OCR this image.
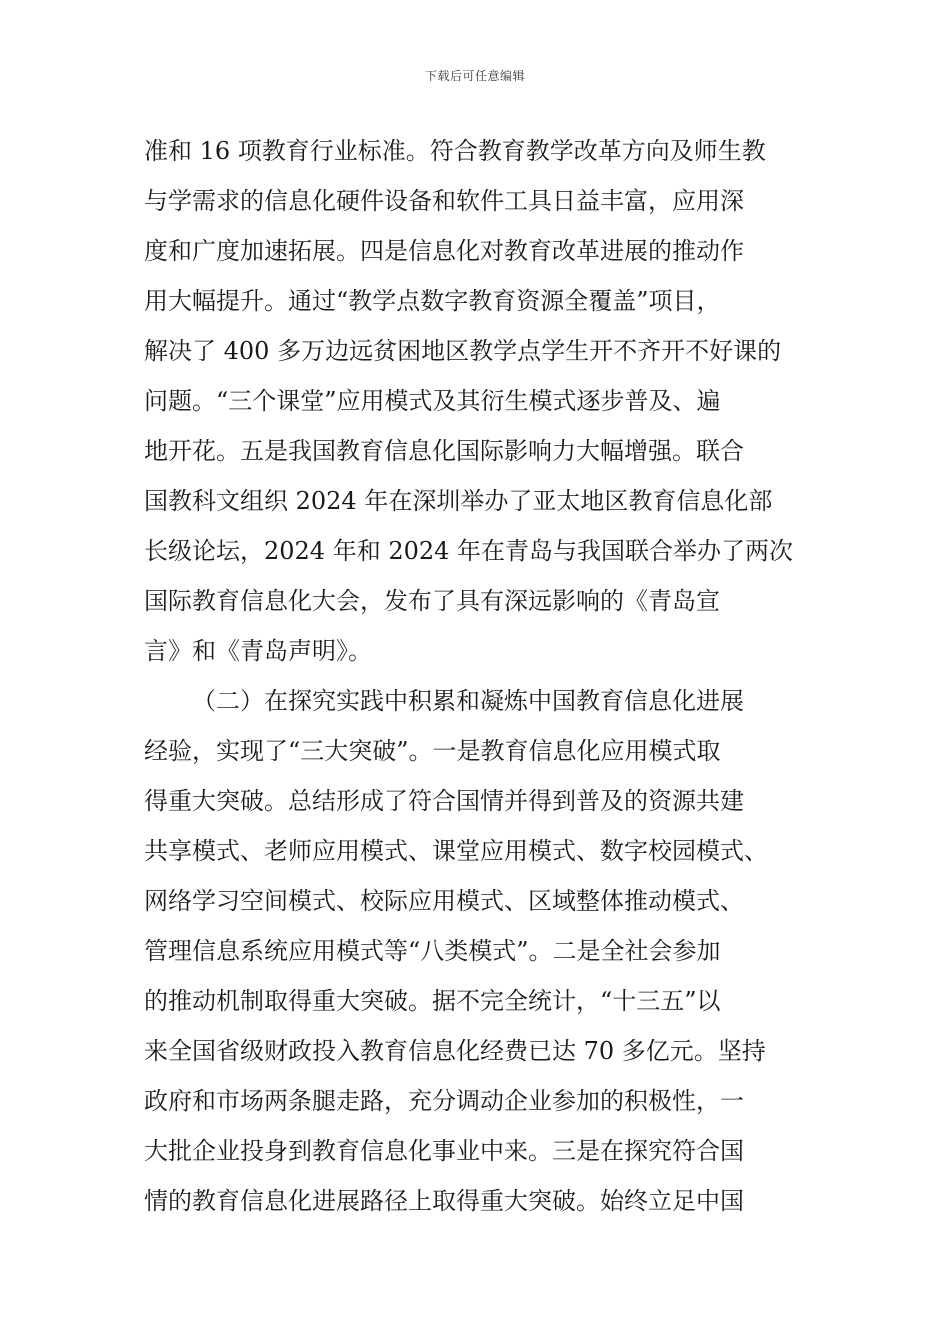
下载后可任意编辑
准和 16 项教育行业标准。符合教育教学改革方向及师生教
与学需求的信息化硬件设备和软件工具日益丰富，应用深
度和广度加速拓展。四是信息化对教育改革进展的推动作
用大幅提升。通过“教学点数字教育资源全覆盖”项目，
解决了 400 多万边远贫困地区教学点学生开不齐开不好课的
问题。“三个课堂”应用模式及其衍生模式逐步普及、遍
地开花。五是我国教育信息化国际影响力大幅增强。联合
国教科文组织 2024 年在深圳举办了亚太地区教育信息化部
长级论坛，2024 年和 2024 年在青岛与我国联合举办了两次
国际教育信息化大会，发布了具有深远影响的《青岛宣
言》和《青岛声明》。
（二）在探究实践中积累和凝炼中国教育信息化进展
经验，实现了“三大突破”。一是教育信息化应用模式取
得重大突破。总结形成了符合国情并得到普及的资源共建
共享模式、老师应用模式、课堂应用模式、数字校园模式、
网络学习空间模式、校际应用模式、区域整体推动模式、
管理信息系统应用模式等“八类模式”。二是全社会参加
的推动机制取得重大突破。据不完全统计，“十三五”以
来全国省级财政投入教育信息化经费已达 70 多亿元。坚持
政府和市场两条腿走路，充分调动企业参加的积极性，一
大批企业投身到教育信息化事业中来。三是在探究符合国
情的教育信息化进展路径上取得重大突破。始终立足中国
